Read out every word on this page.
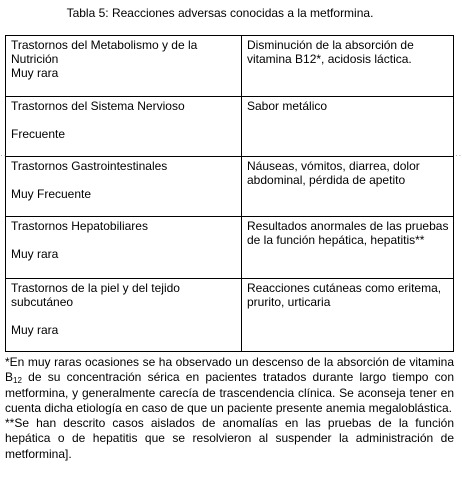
Tabla 5: Reacciones adversas conocidas a la metformina.
Trastornos del Metabolismo y de la Nutrición
Muy rara	Disminución de la absorción de vitamina B12*, acidosis láctica.
Trastornos del Sistema Nervioso
Frecuente	Sabor metálico
Trastornos Gastrointestinales
Muy Frecuente	Náuseas, vómitos, diarrea, dolor abdominal, pérdida de apetito
Trastornos Hepatobiliares
Muy rara	Resultados anormales de las pruebas de la función hepática, hepatitis**
Trastornos de la piel y del tejido subcutáneo
Muy rara	Reacciones cutáneas como eritema, prurito, urticaria
··	··

*En muy raras ocasiones se ha observado un descenso de la absorción de vitamina $B_{12}$ de su concentración sérica en pacientes tratados durante largo tiempo con metformina, y generalmente carecía de trascendencia clínica. Se aconseja tener en cuenta dicha etiología en caso de que un paciente presente anemia megaloblástica.

**Se han descrito casos aislados de anomalías en las pruebas de la función hepática o de hepatitis que se resolvieron al suspender la administración de metformina].
